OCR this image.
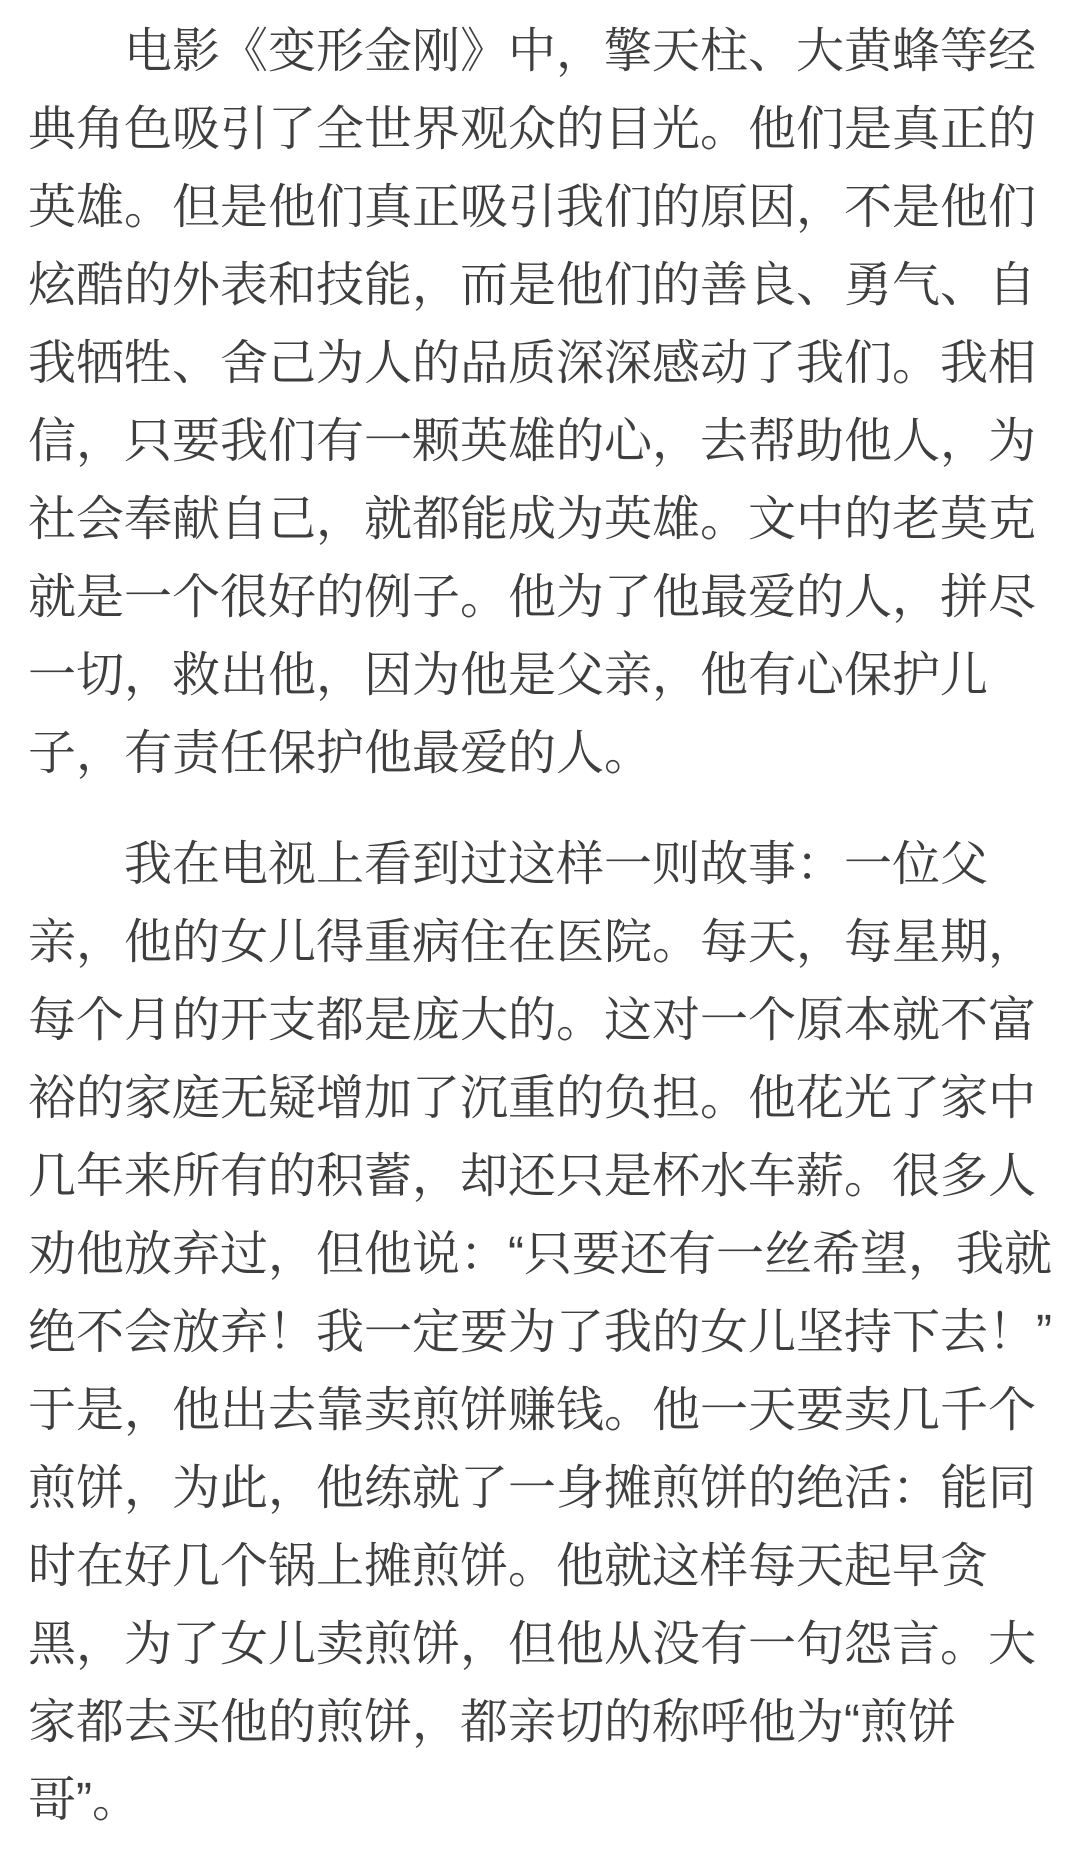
电影《变形金刚》中，擎天柱、大黄蜂等经
典角色吸引了全世界观众的目光。他们是真正的
英雄。但是他们真正吸引我们的原因，不是他们
炫酷的外表和技能，而是他们的善良、勇气、自
我牺牲、舍己为人的品质深深感动了我们。我相
信，只要我们有一颗英雄的心，去帮助他人，为
社会奉献自己，就都能成为英雄。文中的老莫克
就是一个很好的例子。他为了他最爱的人，拼尽
一切，救出他，因为他是父亲，他有心保护儿
子，有责任保护他最爱的人。
我在电视上看到过这样一则故事：一位父
亲，他的女儿得重病住在医院。每天，每星期，
每个月的开支都是庞大的。这对一个原本就不富
裕的家庭无疑增加了沉重的负担。他花光了家中
几年来所有的积蓄，却还只是杯水车薪。很多人
劝他放弃过，但他说：“只要还有一丝希望，我就
绝不会放弃！我一定要为了我的女儿坚持下去！”
于是，他出去靠卖煎饼赚钱。他一天要卖几千个
煎饼，为此，他练就了一身摊煎饼的绝活：能同
时在好几个锅上摊煎饼。他就这样每天起早贪
黑，为了女儿卖煎饼，但他从没有一句怨言。大
家都去买他的煎饼，都亲切的称呼他为“煎饼
哥”。
